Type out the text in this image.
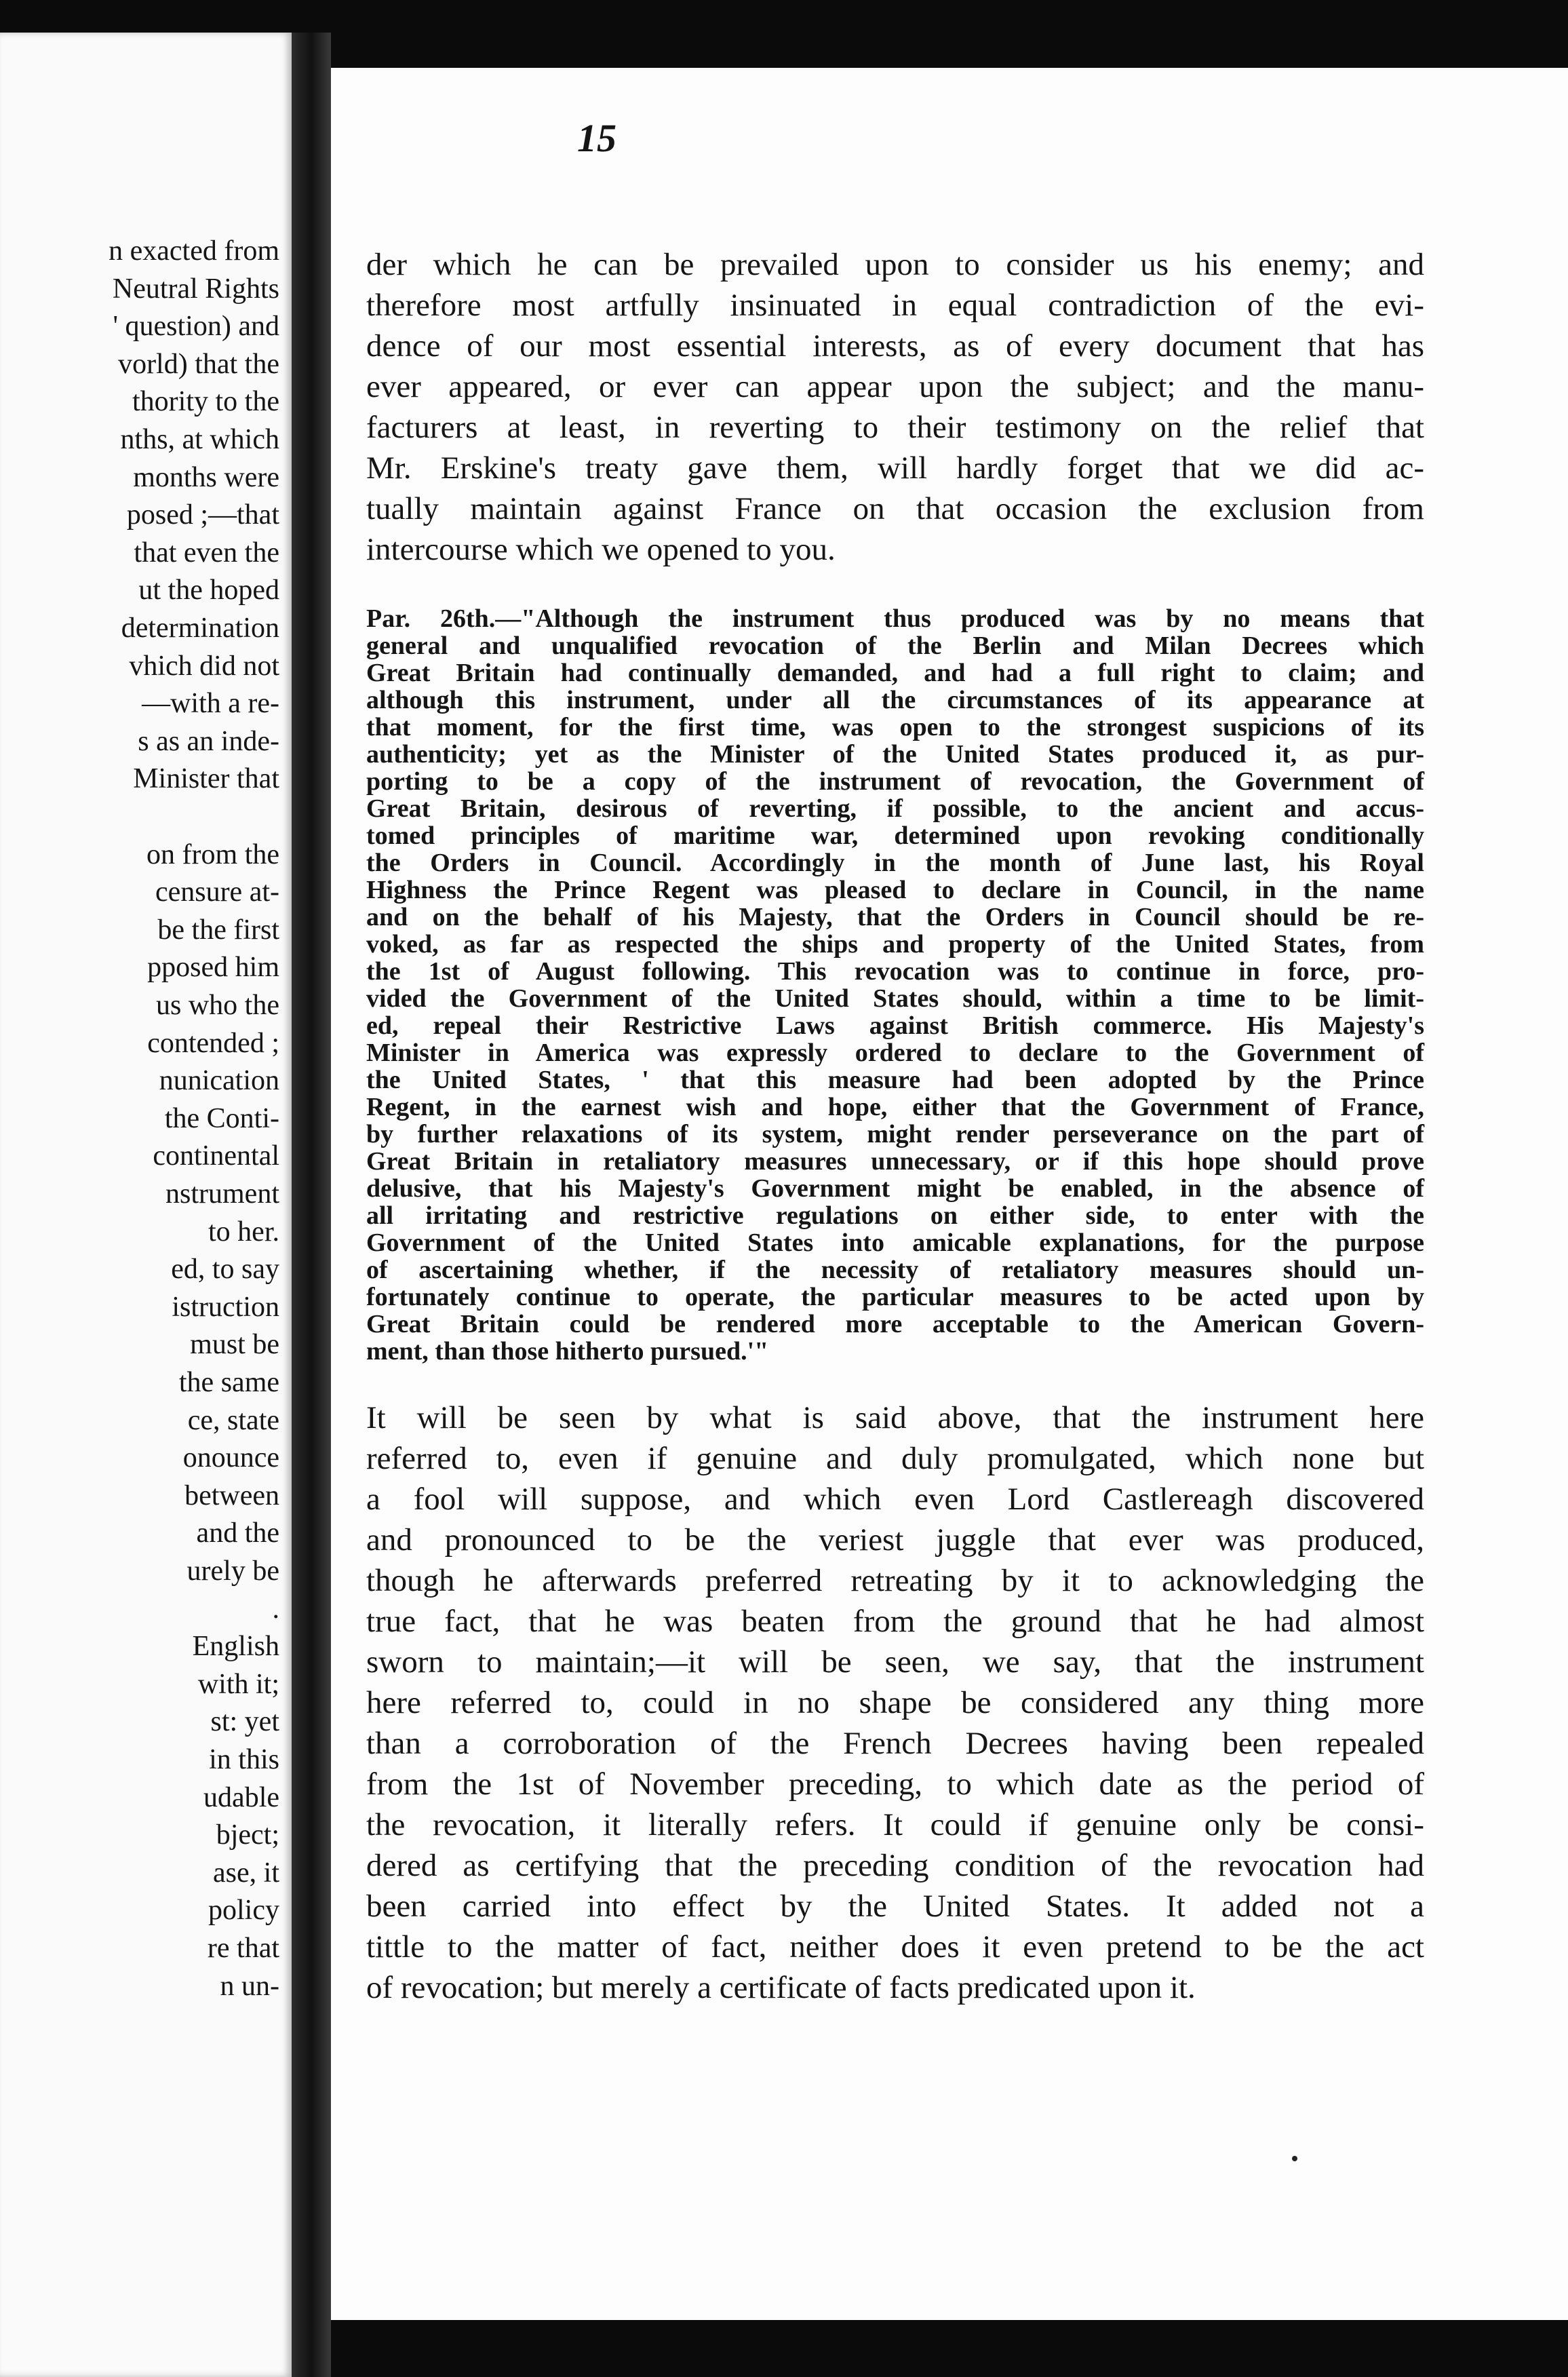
n exacted from

Neutral Rights

' question) and

vorld) that the

thority to the

nths, at which

months were

posed ;—that

that even the

ut the hoped

determination

vhich did not

—with a re-

s as an inde-

Minister that

on from the

censure at-

be the first

pposed him

us who the

contended ;

nunication

the Conti-

continental

nstrument

to her.

ed, to say

istruction

must be

the same

ce, state

onounce

between

and the

urely be

.

English

with it;

st: yet

in this

udable

bject;

ase, it

policy

re that

n un-

15

der which he can be prevailed upon to consider us his enemy; and
therefore most artfully insinuated in equal contradiction of the evi-
dence of our most essential interests, as of every document that has
ever appeared, or ever can appear upon the subject; and the manu-
facturers at least, in reverting to their testimony on the relief that
Mr. Erskine's treaty gave them, will hardly forget that we did ac-
tually maintain against France on that occasion the exclusion from
intercourse which we opened to you.
Par. 26th.—"Although the instrument thus produced was by no means that
general and unqualified revocation of the Berlin and Milan Decrees which
Great Britain had continually demanded, and had a full right to claim; and
although this instrument, under all the circumstances of its appearance at
that moment, for the first time, was open to the strongest suspicions of its
authenticity; yet as the Minister of the United States produced it, as pur-
porting to be a copy of the instrument of revocation, the Government of
Great Britain, desirous of reverting, if possible, to the ancient and accus-
tomed principles of maritime war, determined upon revoking conditionally
the Orders in Council. Accordingly in the month of June last, his Royal
Highness the Prince Regent was pleased to declare in Council, in the name
and on the behalf of his Majesty, that the Orders in Council should be re-
voked, as far as respected the ships and property of the United States, from
the 1st of August following. This revocation was to continue in force, pro-
vided the Government of the United States should, within a time to be limit-
ed, repeal their Restrictive Laws against British commerce. His Majesty's
Minister in America was expressly ordered to declare to the Government of
the United States, ' that this measure had been adopted by the Prince
Regent, in the earnest wish and hope, either that the Government of France,
by further relaxations of its system, might render perseverance on the part of
Great Britain in retaliatory measures unnecessary, or if this hope should prove
delusive, that his Majesty's Government might be enabled, in the absence of
all irritating and restrictive regulations on either side, to enter with the
Government of the United States into amicable explanations, for the purpose
of ascertaining whether, if the necessity of retaliatory measures should un-
fortunately continue to operate, the particular measures to be acted upon by
Great Britain could be rendered more acceptable to the American Govern-
ment, than those hitherto pursued.'"
It will be seen by what is said above, that the instrument here
referred to, even if genuine and duly promulgated, which none but
a fool will suppose, and which even Lord Castlereagh discovered
and pronounced to be the veriest juggle that ever was produced,
though he afterwards preferred retreating by it to acknowledging the
true fact, that he was beaten from the ground that he had almost
sworn to maintain;—it will be seen, we say, that the instrument
here referred to, could in no shape be considered any thing more
than a corroboration of the French Decrees having been repealed
from the 1st of November preceding, to which date as the period of
the revocation, it literally refers. It could if genuine only be consi-
dered as certifying that the preceding condition of the revocation had
been carried into effect by the United States. It added not a
tittle to the matter of fact, neither does it even pretend to be the act
of revocation; but merely a certificate of facts predicated upon it.
